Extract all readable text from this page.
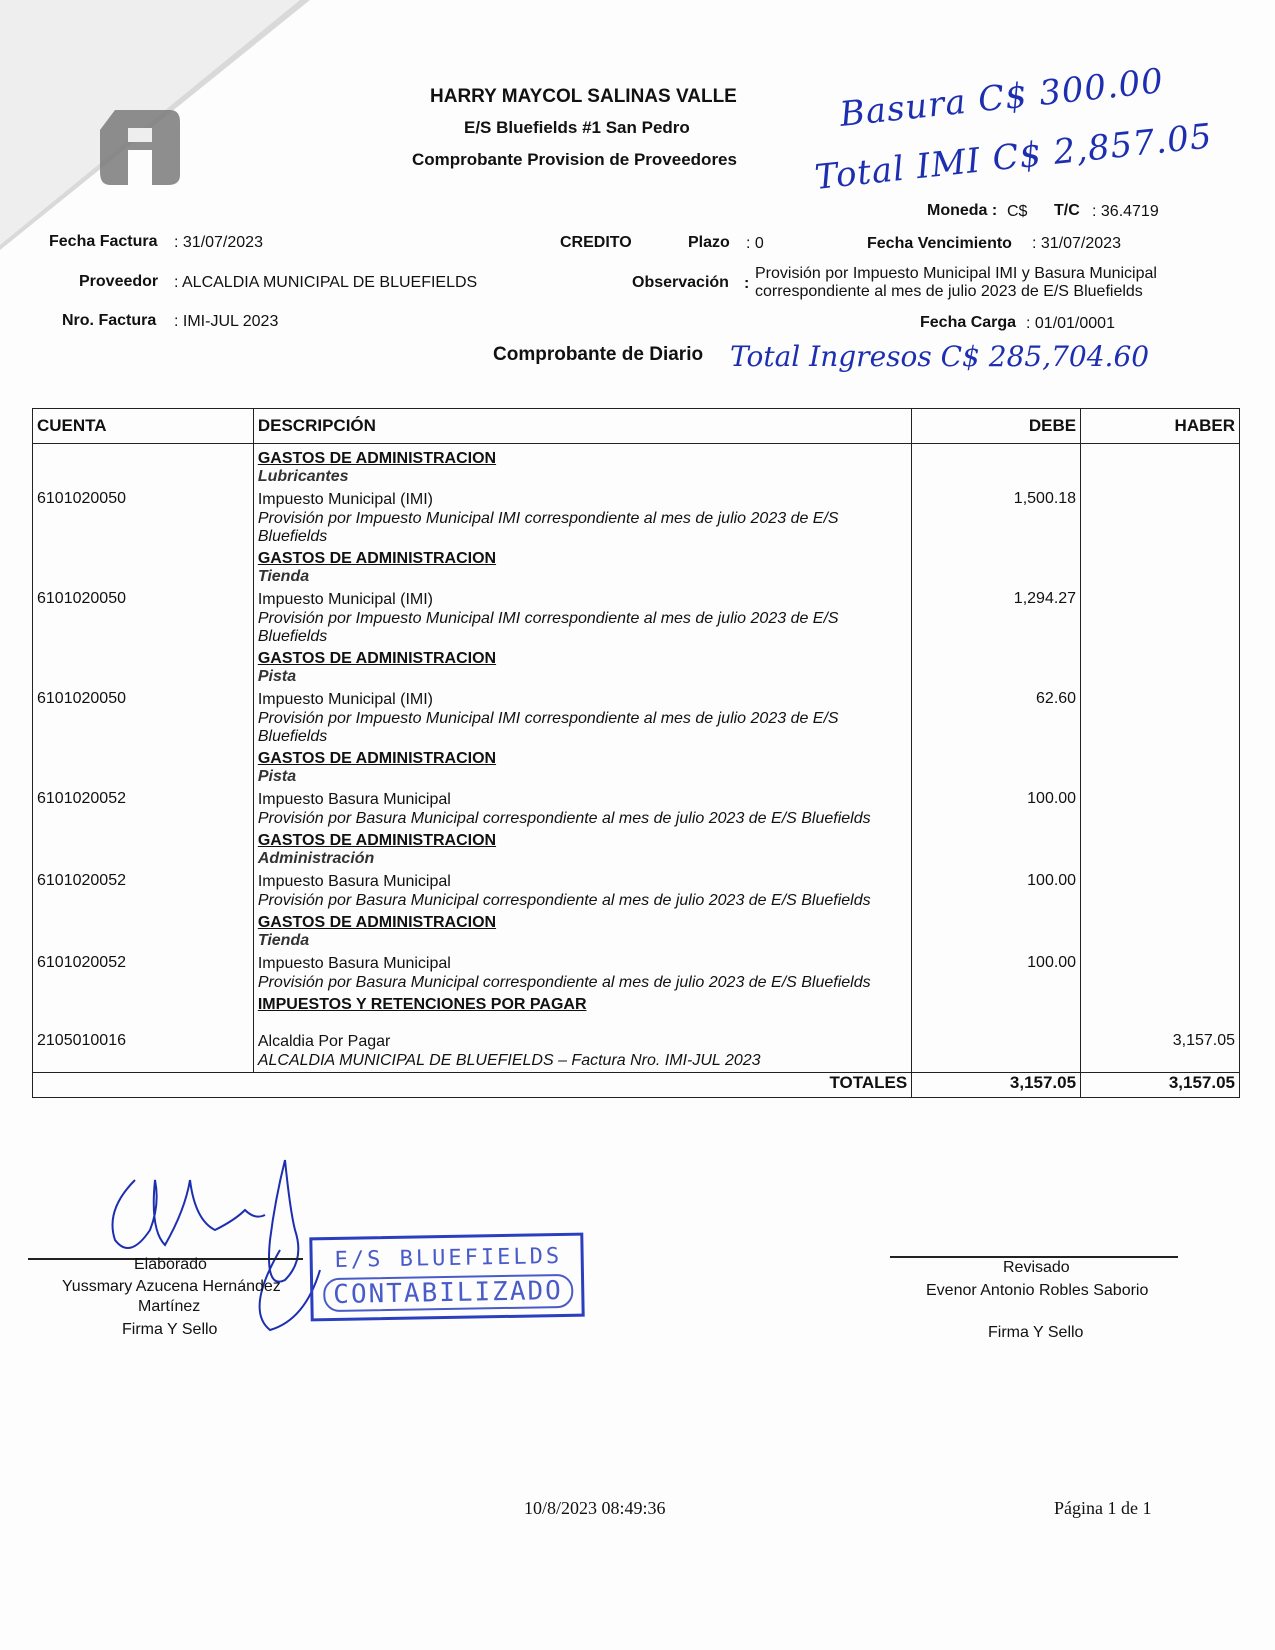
HARRY MAYCOL SALINAS VALLE
E/S Bluefields #1 San Pedro
Comprobante Provision de Proveedores
Basura C$ 300.00
Total IMI C$ 2,857.05
Moneda : C$ T/C : 36.4719
Fecha Factura : 31/07/2023	CREDITO	Plazo : 0	Fecha Vencimiento : 31/07/2023
Proveedor : ALCALDIA MUNICIPAL DE BLUEFIELDS	Observación :
Provisión por Impuesto Municipal IMI y Basura Municipal
correspondiente al mes de julio 2023 de E/S Bluefields
Nro. Factura : IMI-JUL 2023	Fecha Carga : 01/01/0001
Comprobante de Diario Total Ingresos C$ 285,704.60
CUENTA	DESCRIPCIÓN	DEBE	HABER

	GASTOS DE ADMINISTRACION
Lubricantes		

6101020050	Impuesto Municipal (IMI)
Provisión por Impuesto Municipal IMI correspondiente al mes de julio 2023 de E/S
Bluefields	1,500.18	

	GASTOS DE ADMINISTRACION
Tienda		

6101020050	Impuesto Municipal (IMI)
Provisión por Impuesto Municipal IMI correspondiente al mes de julio 2023 de E/S
Bluefields	1,294.27	

	GASTOS DE ADMINISTRACION
Pista		

6101020050	Impuesto Municipal (IMI)
Provisión por Impuesto Municipal IMI correspondiente al mes de julio 2023 de E/S
Bluefields	62.60	

	GASTOS DE ADMINISTRACION
Pista		

6101020052	Impuesto Basura Municipal
Provisión por Basura Municipal correspondiente al mes de julio 2023 de E/S Bluefields	100.00	

	GASTOS DE ADMINISTRACION
Administración		

6101020052	Impuesto Basura Municipal
Provisión por Basura Municipal correspondiente al mes de julio 2023 de E/S Bluefields	100.00	

	GASTOS DE ADMINISTRACION
Tienda		

6101020052	Impuesto Basura Municipal
Provisión por Basura Municipal correspondiente al mes de julio 2023 de E/S Bluefields	100.00	

	IMPUESTOS Y RETENCIONES POR PAGAR		

2105010016	Alcaldia Por Pagar
ALCALDIA MUNICIPAL DE BLUEFIELDS – Factura Nro. IMI-JUL 2023		3,157.05
	TOTALES	3,157.05	3,157.05
E/S BLUEFIELDS
CONTABILIZADO
Elaborado
Yussmary Azucena Hernández
Martínez
Firma Y Sello
Revisado
Evenor Antonio Robles Saborio
Firma Y Sello
10/8/2023 08:49:36	Página 1 de 1
